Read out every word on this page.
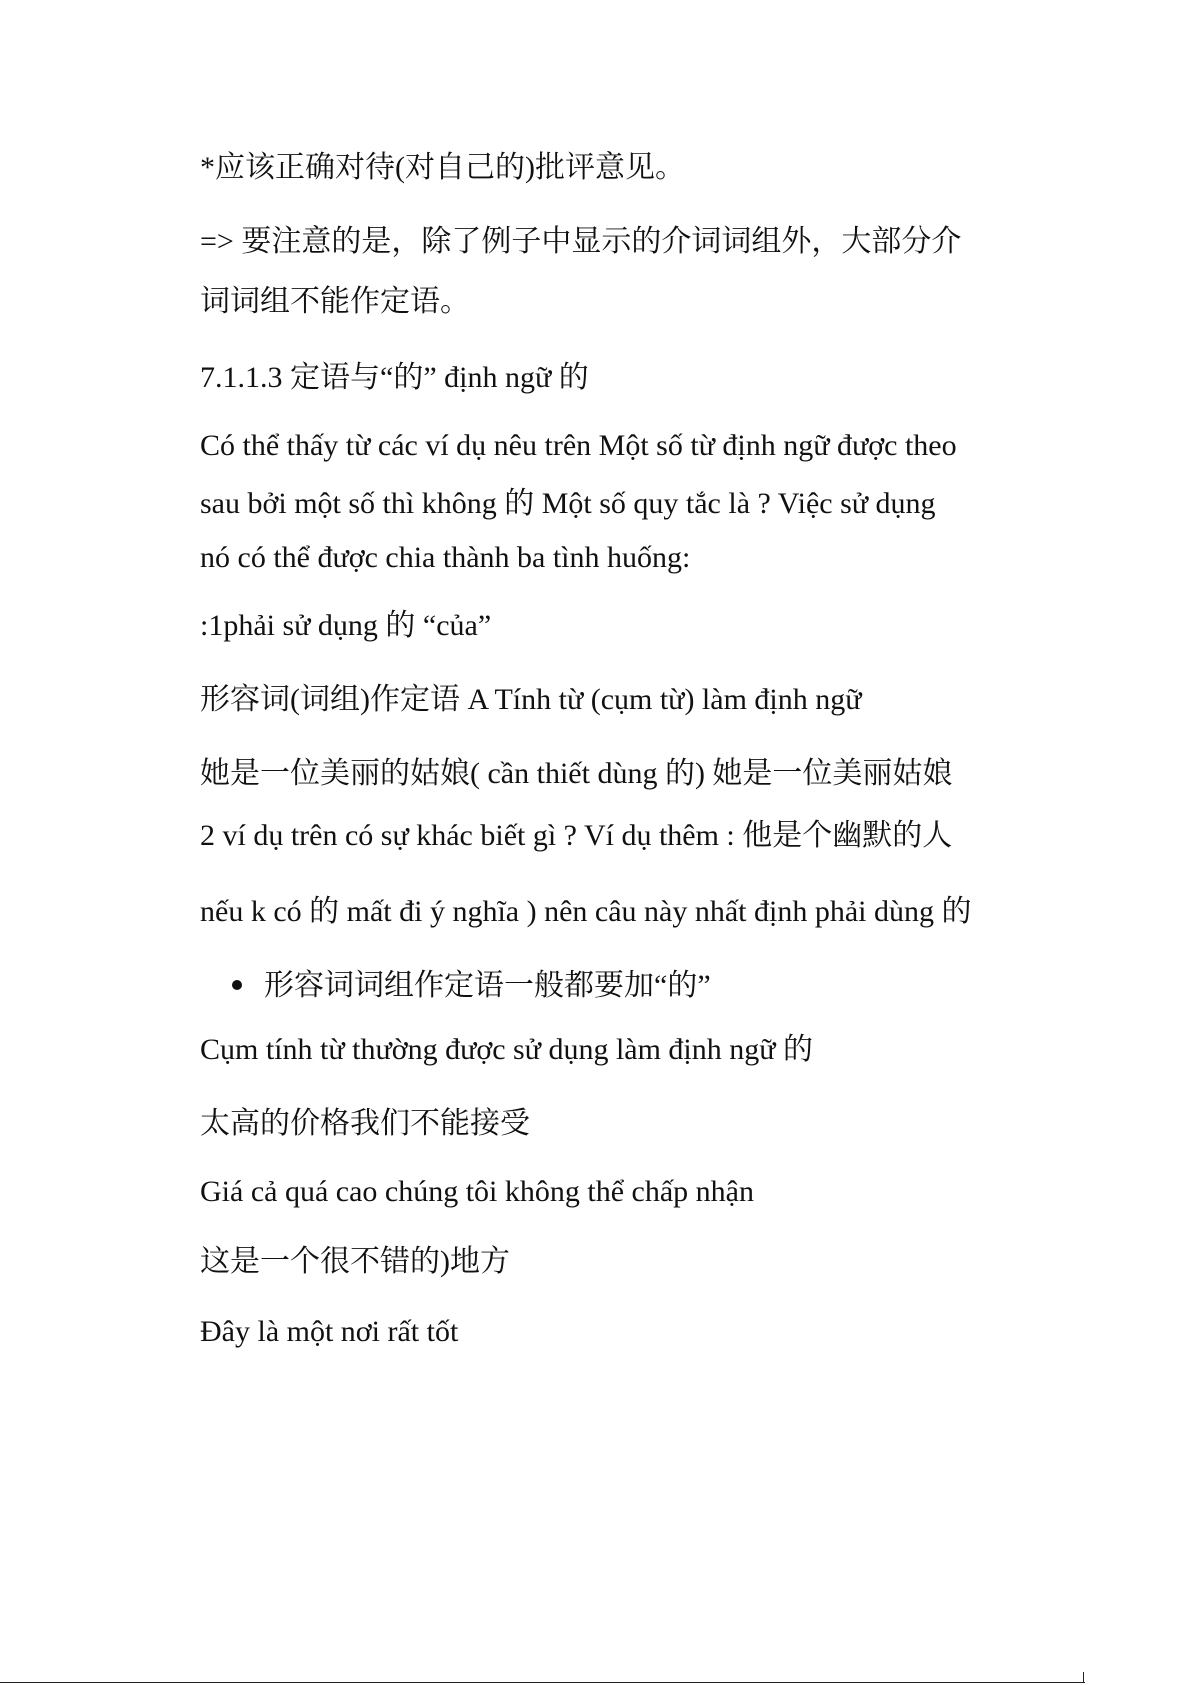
*应该正确对待(对自己的)批评意见。
=> 要注意的是，除了例子中显示的介词词组外，大部分介
词词组不能作定语。
7.1.1.3 定语与“的” định ngữ 的
Có thể thấy từ các ví dụ nêu trên Một số từ định ngữ được theo
sau bởi một số thì không 的 Một số quy tắc là ? Việc sử dụng
nó có thể được chia thành ba tình huống:
:1phải sử dụng 的 “của”
形容词(词组)作定语 A Tính từ (cụm từ) làm định ngữ
她是一位美丽的姑娘( cần thiết dùng 的) 她是一位美丽姑娘
2 ví dụ trên có sự khác biết gì ? Ví dụ thêm : 他是个幽默的人
nếu k có 的 mất đi ý nghĩa ) nên câu này nhất định phải dùng 的
形容词词组作定语一般都要加“的”
Cụm tính từ thường được sử dụng làm định ngữ 的
太高的价格我们不能接受
Giá cả quá cao chúng tôi không thể chấp nhận
这是一个很不错的)地方
Đây là một nơi rất tốt
